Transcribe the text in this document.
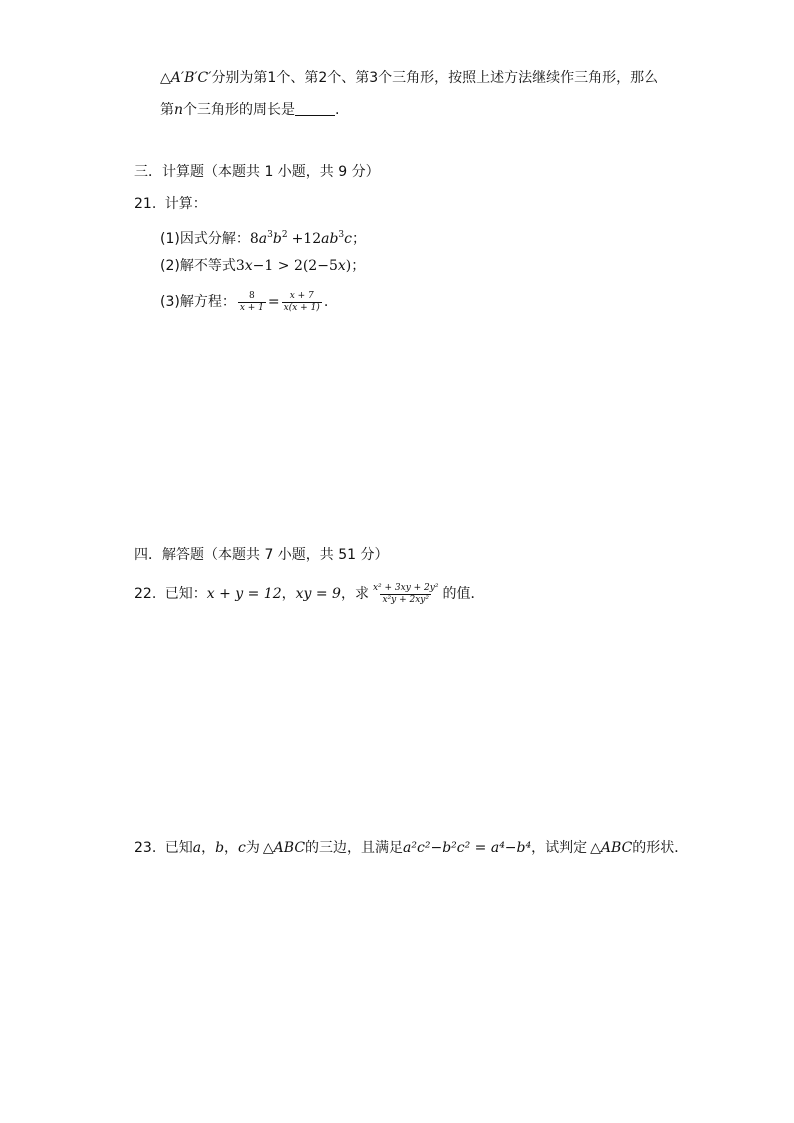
△A′B′C′分别为第1个、第2个、第3个三角形，按照上述方法继续作三角形，那么
第n个三角形的周长是	.
三．计算题（本题共 1 小题，共 9 分）
21. 计算：
(1)因式分解：$8a^3b^2 +12ab^3c$；
(2)解不等式3x−1 > 2(2−5x)；
(3)解方程： $\frac{8}{x + 1} = \frac{x + 7}{x(x + 1)}$ .
四．解答题（本题共 7 小题，共 51 分）
22. 已知：x + y = 12，xy = 9，求 $\frac{\text{x² + 3xy + 2y²}}{\text{x²y + 2xy²}}$ 的值．
23. 已知a，b，c为 △ABC的三边，且满足a²c²−b²c² = a⁴−b⁴，试判定 △ABC的形状．
